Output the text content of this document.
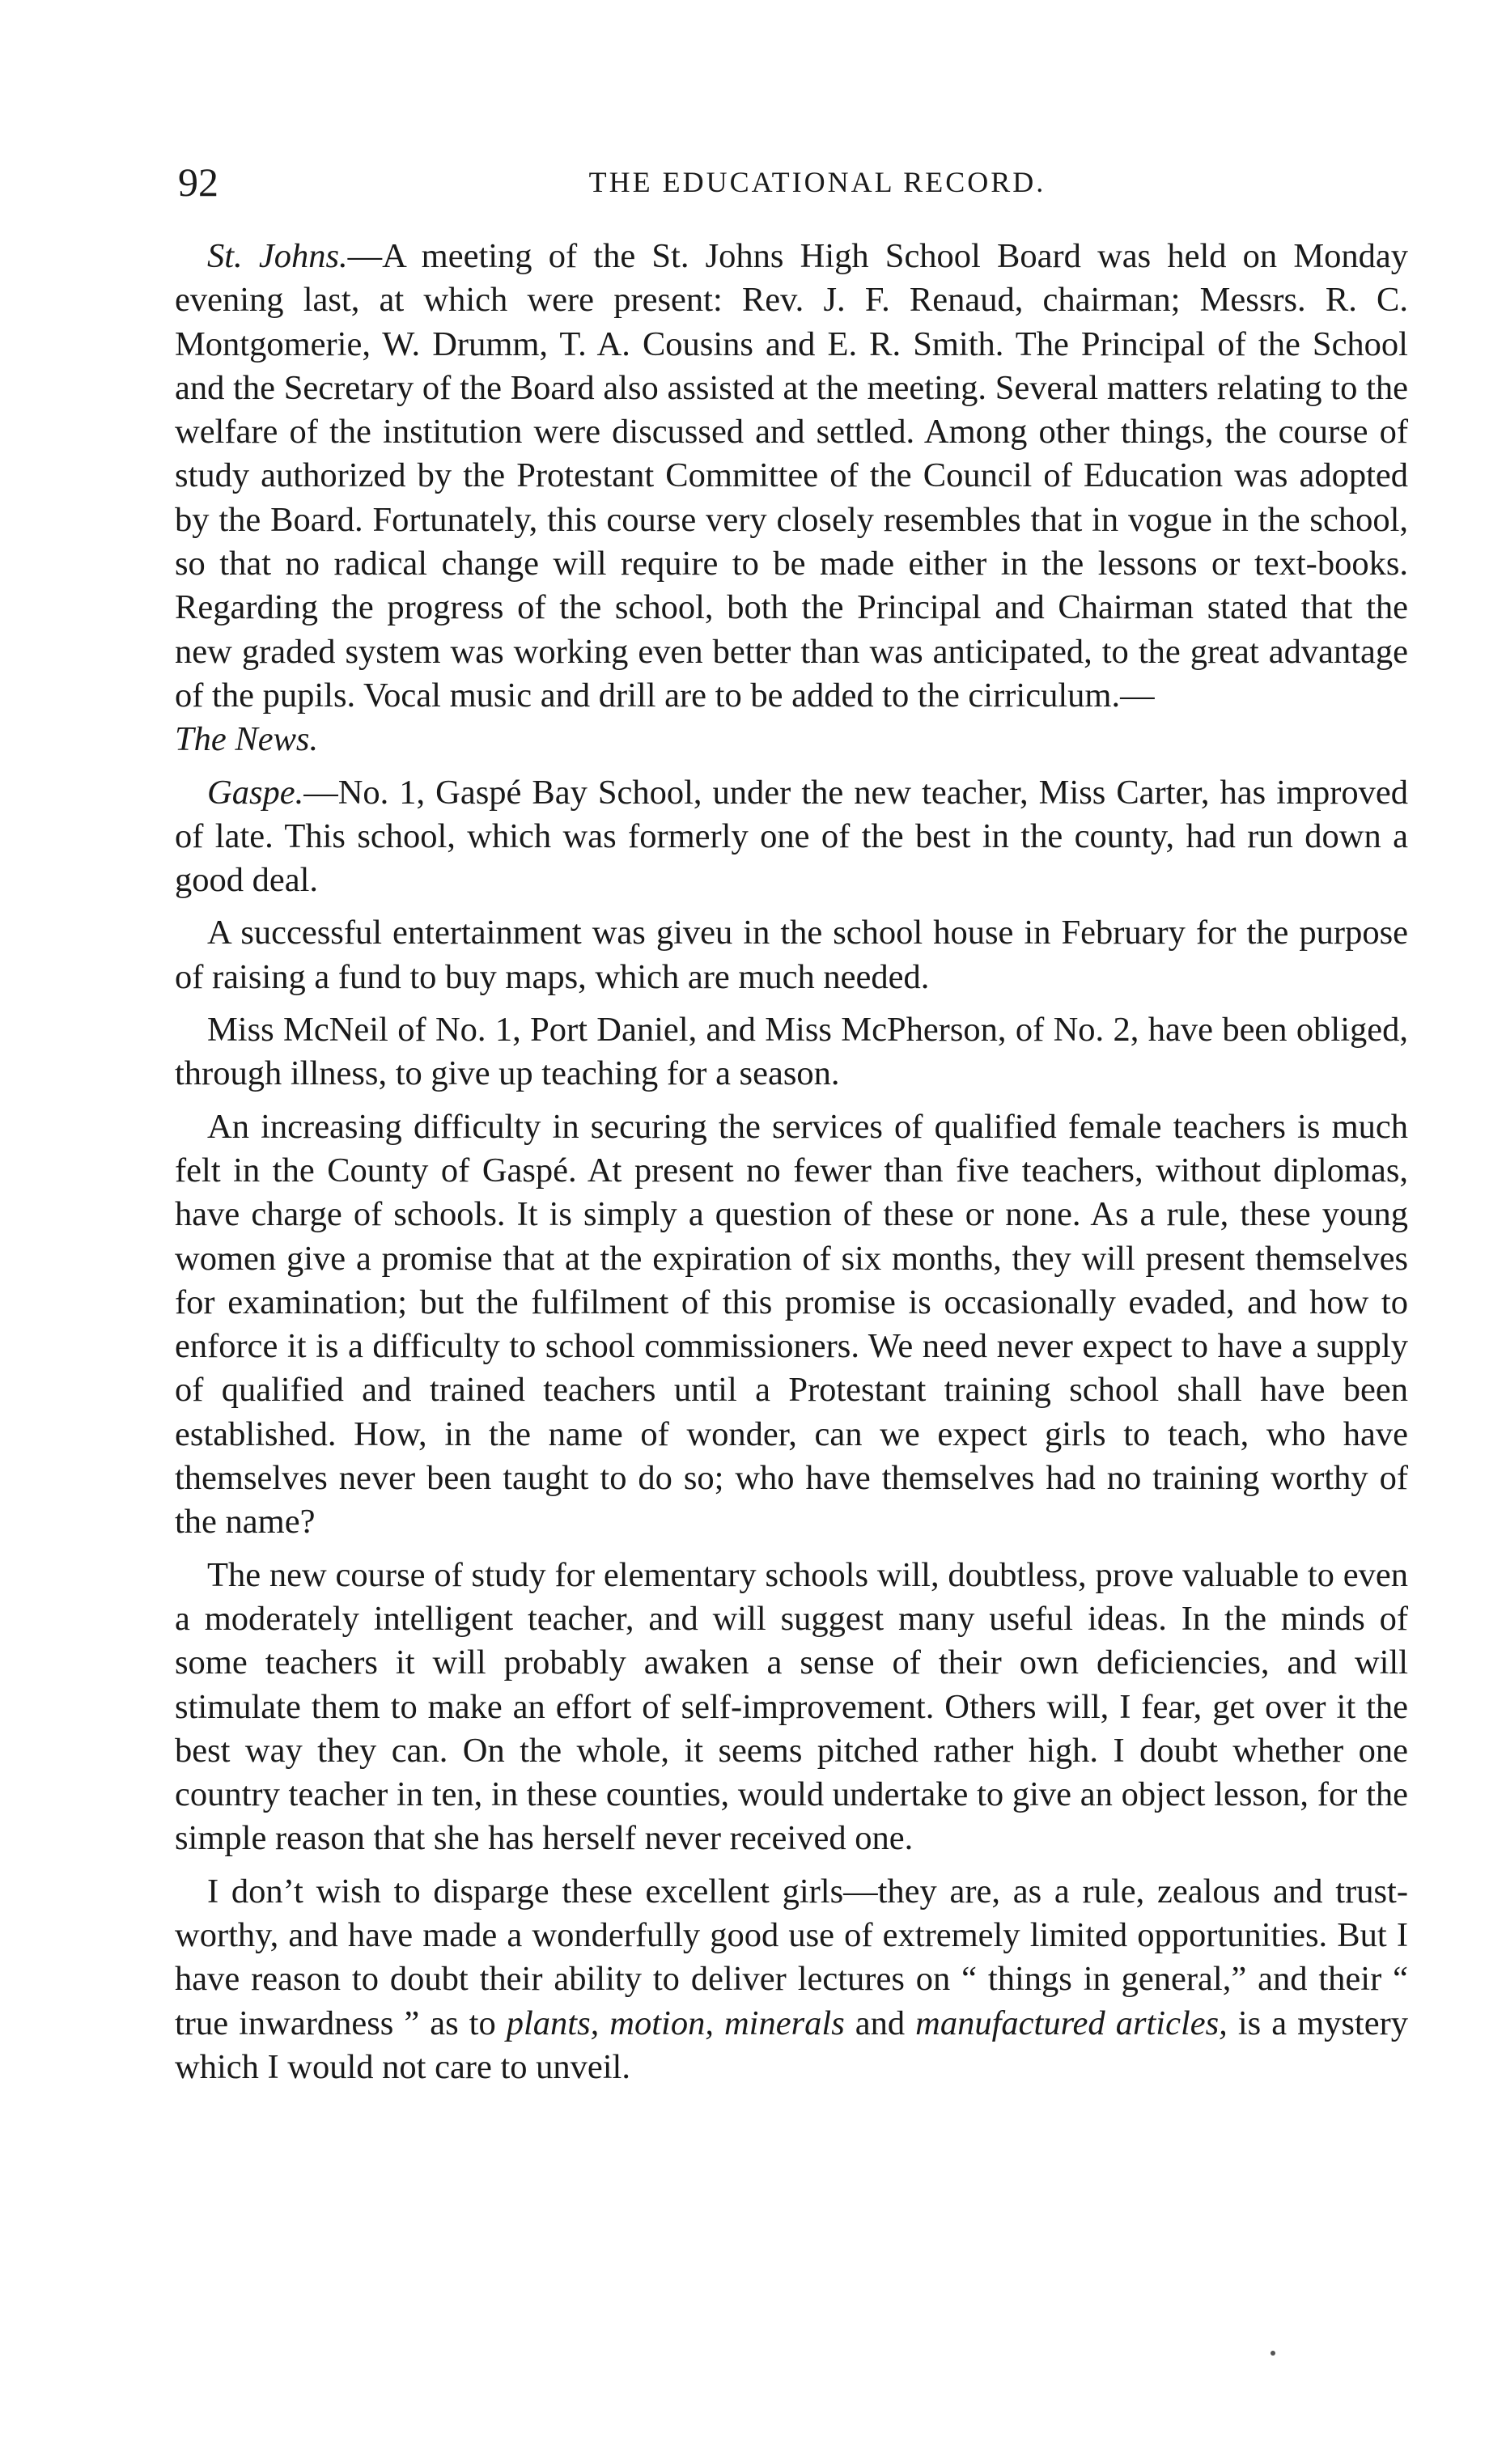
92	THE EDUCATIONAL RECORD.

St. Johns.—A meeting of the St. Johns High School Board was held on Monday evening last, at which were present: Rev. J. F. Renaud, chairman; Messrs. R. C. Montgomerie, W. Drumm, T. A. Cousins and E. R. Smith. The Principal of the School and the Secretary of the Board also assisted at the meeting. Several matters relating to the welfare of the institution were discussed and settled. Among other things, the course of study authorized by the Protestant Committee of the Council of Education was adopted by the Board. Fortunately, this course very closely resembles that in vogue in the school, so that no radical change will require to be made either in the lessons or text-books. Regarding the progress of the school, both the Principal and Chairman stated that the new graded system was working even better than was anticipated, to the great advantage of the pupils. Vocal music and drill are to be added to the cirriculum.—
The News.

Gaspe.—No. 1, Gaspé Bay School, under the new teacher, Miss Carter, has improved of late. This school, which was formerly one of the best in the county, had run down a good deal.

A successful entertainment was giveu in the school house in February for the purpose of raising a fund to buy maps, which are much needed.

Miss McNeil of No. 1, Port Daniel, and Miss McPherson, of No. 2, have been obliged, through illness, to give up teaching for a season.

An increasing difficulty in securing the services of qualified female teachers is much felt in the County of Gaspé. At present no fewer than five teachers, without diplomas, have charge of schools. It is simply a question of these or none. As a rule, these young women give a promise that at the expiration of six months, they will present themselves for examination; but the fulfilment of this promise is occasionally evaded, and how to enforce it is a difficulty to school commissioners. We need never expect to have a supply of qualified and trained teachers until a Protestant training school shall have been established. How, in the name of wonder, can we expect girls to teach, who have themselves never been taught to do so; who have themselves had no training worthy of the name?

The new course of study for elementary schools will, doubtless, prove valuable to even a moderately intelligent teacher, and will suggest many useful ideas. In the minds of some teachers it will probably awaken a sense of their own deficiencies, and will stimulate them to make an effort of self-improvement. Others will, I fear, get over it the best way they can. On the whole, it seems pitched rather high. I doubt whether one country teacher in ten, in these counties, would undertake to give an object lesson, for the simple reason that she has herself never received one.

I don’t wish to disparge these excellent girls—they are, as a rule, zealous and trust-worthy, and have made a wonderfully good use of extremely limited opportunities. But I have reason to doubt their ability to deliver lectures on “ things in general,” and their “ true inwardness ” as to plants, motion, minerals and manufactured articles, is a mystery which I would not care to unveil.
